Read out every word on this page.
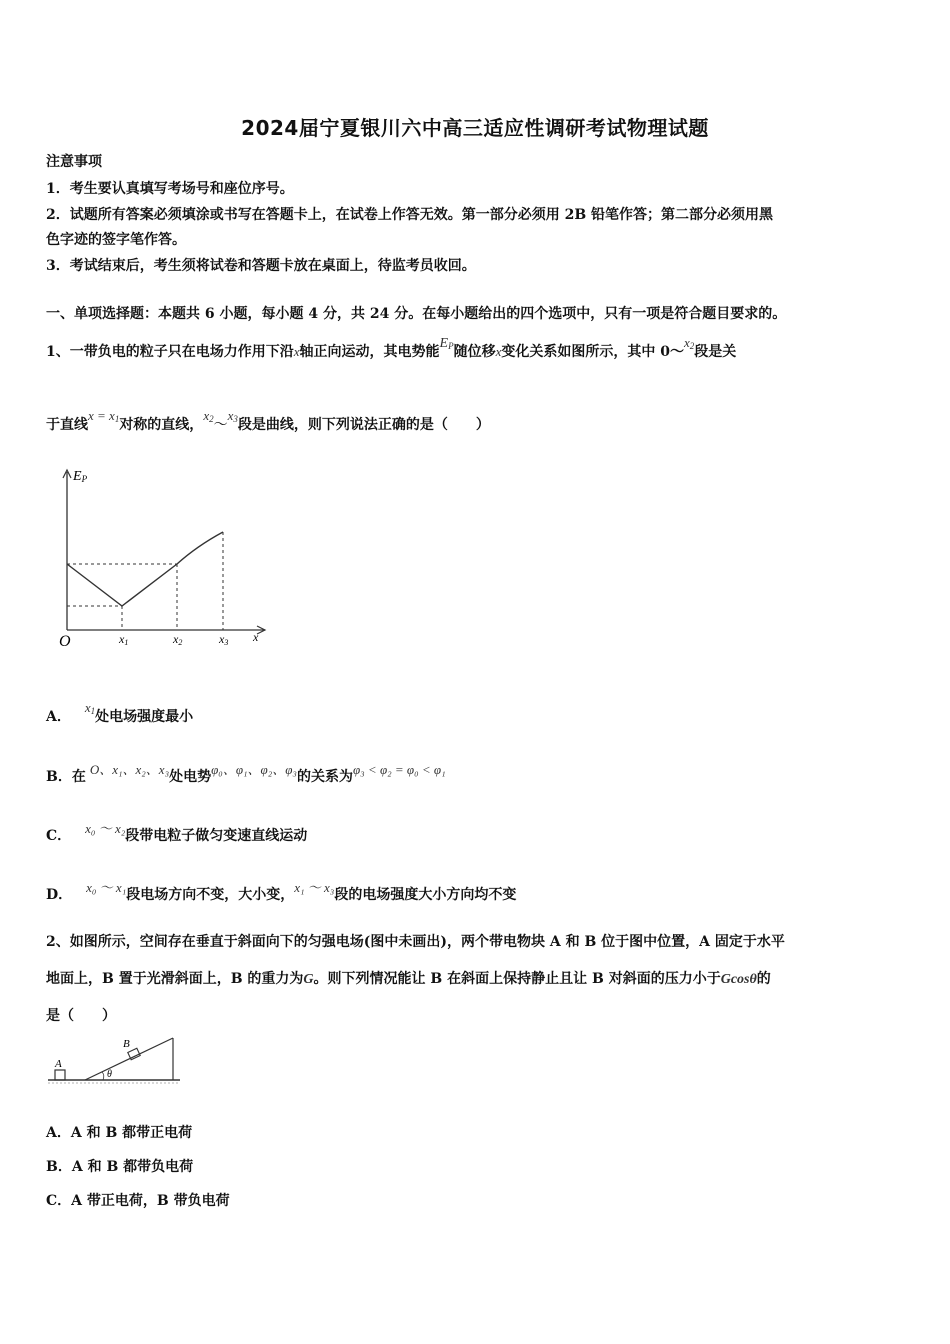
2024届宁夏银川六中高三适应性调研考试物理试题
注意事项
1．考生要认真填写考场号和座位序号。
2．试题所有答案必须填涂或书写在答题卡上，在试卷上作答无效。第一部分必须用 2B 铅笔作答；第二部分必须用黑
色字迹的签字笔作答。
3．考试结束后，考生须将试卷和答题卡放在桌面上，待监考员收回。
一、单项选择题：本题共 6 小题，每小题 4 分，共 24 分。在每小题给出的四个选项中，只有一项是符合题目要求的。
1、一带负电的粒子只在电场力作用下沿x轴正向运动，其电势能$E_P$随位移x变化关系如图所示，其中 $0\sim x_2$段是关
于直线$x = x_1$对称的直线，$x_2\sim x_3$段是曲线，则下列说法正确的是（　　）
EP
O	x1	x2	x3 x
A．$x_1$处电场强度最小
B．在 O、x₁、x₂、x₃处电势φ₀、φ₁、φ₂、φ₃的关系为φ₃ < φ₂ = φ₀ < φ₁
C． x₀ ～ x₂段带电粒子做匀变速直线运动
D． x₀ ～ x₁段电场方向不变，大小变，x₁ ～ x₃段的电场强度大小方向均不变
2、如图所示，空间存在垂直于斜面向下的匀强电场(图中未画出)，两个带电物块 A 和 B 位于图中位置，A 固定于水平
地面上，B 置于光滑斜面上，B 的重力为G。则下列情况能让 B 在斜面上保持静止且让 B 对斜面的压力小于Gcosθ的
是（　　）
A
B
θ
A．A 和 B 都带正电荷
B．A 和 B 都带负电荷
C．A 带正电荷，B 带负电荷
